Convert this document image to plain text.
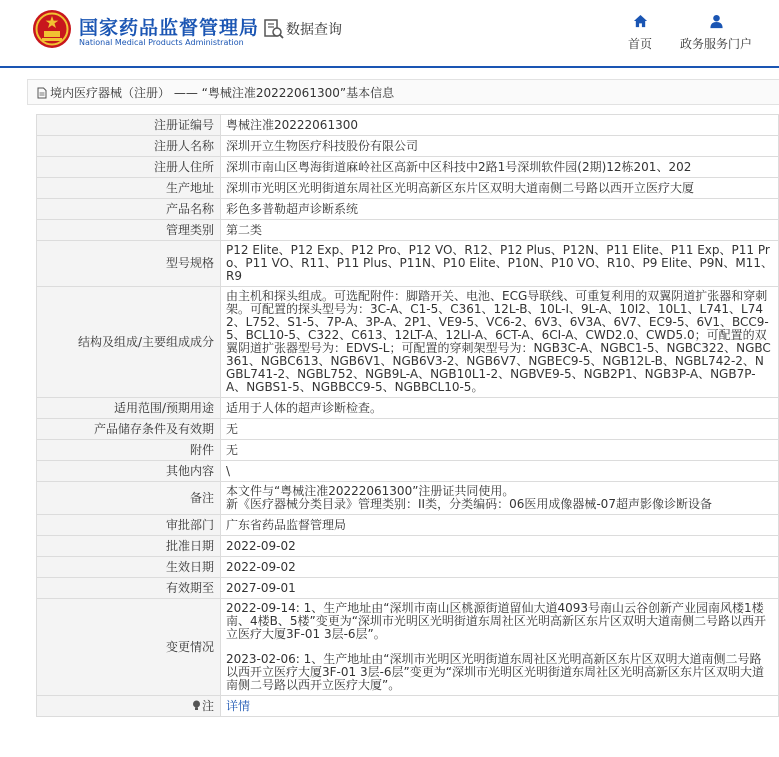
国家药品监督管理局
National Medical Products Administration
数据查询
首页	政务服务门户
境内医疗器械（注册） —— “粤械注准20222061300”基本信息
注册证编号	粤械注准20222061300
注册人名称	深圳开立生物医疗科技股份有限公司
注册人住所	深圳市南山区粤海街道麻岭社区高新中区科技中2路1号深圳软件园(2期)12栋201、202
生产地址	深圳市光明区光明街道东周社区光明高新区东片区双明大道南侧二号路以西开立医疗大厦
产品名称	彩色多普勒超声诊断系统
管理类别	第二类
型号规格	P12 Elite、P12 Exp、P12 Pro、P12 VO、R12、P12 Plus、P12N、P11 Elite、P11 Exp、P11 Pro、P11 VO、R11、P11 Plus、P11N、P10 Elite、P10N、P10 VO、R10、P9 Elite、P9N、M11、R9
结构及组成/主要组成成分	由主机和探头组成。可选配附件：脚踏开关、电池、ECG导联线、可重复利用的双翼阴道扩张器和穿刺架。可配置的探头型号为：3C-A、C1-5、C361、12L-B、10L-I、9L-A、10I2、10L1、L741、L742、L752、S1-5、7P-A、3P-A、2P1、VE9-5、VC6-2、6V3、6V3A、6V7、EC9-5、6V1、BCC9-5、BCL10-5、C322、C613、12LT-A、12LI-A、6CT-A、6CI-A、CWD2.0、CWD5.0；可配置的双翼阴道扩张器型号为：EDVS-L；可配置的穿刺架型号为：NGB3C-A、NGBC1-5、NGBC322、NGBC361、NGBC613、NGB6V1、NGB6V3-2、NGB6V7、NGBEC9-5、NGB12L-B、NGBL742-2、NGBL741-2、NGBL752、NGB9L-A、NGB10L1-2、NGBVE9-5、NGB2P1、NGB3P-A、NGB7P-A、NGBS1-5、NGBBCC9-5、NGBBCL10-5。
适用范围/预期用途	适用于人体的超声诊断检查。
产品储存条件及有效期	无
附件	无
其他内容	\
备注	本文件与“粤械注准20222061300”注册证共同使用。
新《医疗器械分类目录》管理类别：II类，分类编码：06医用成像器械-07超声影像诊断设备

审批部门	广东省药品监督管理局
批准日期	2022-09-02
生效日期	2022-09-02
有效期至	2027-09-01
变更情况	2022-09-14: 1、生产地址由“深圳市南山区桃源街道留仙大道4093号南山云谷创新产业园南风楼1楼南、4楼B、5楼”变更为“深圳市光明区光明街道东周社区光明高新区东片区双明大道南侧二号路以西开立医疗大厦3F-01 3层-6层”。
2023-02-06: 1、生产地址由“深圳市光明区光明街道东周社区光明高新区东片区双明大道南侧二号路以西开立医疗大厦3F-01 3层-6层”变更为“深圳市光明区光明街道东周社区光明高新区东片区双明大道南侧二号路以西开立医疗大厦”。

注	详情
